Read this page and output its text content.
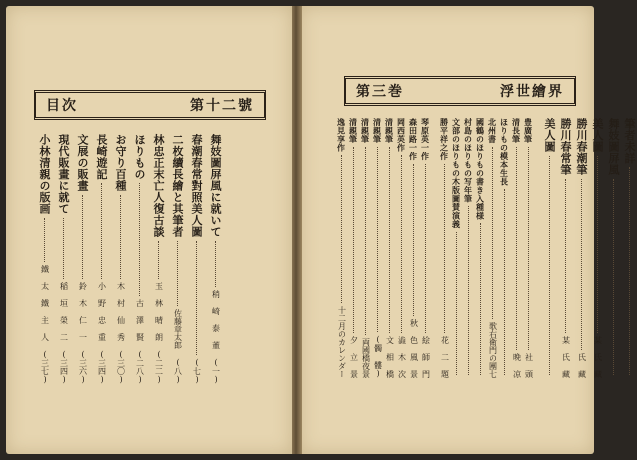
第三巻	浮世繪界
筆者未詳
舞妓圖屏風
美人圖
某 氏 藏
勝川春潮筆
氏 藏
勝川春常筆
某 氏 藏
美人圖
豊廣筆
社 頭
清長筆
晩 凉
ほりもの模本生長
北州書
歌右衛門の團七
國鶴のほりもの書き入種様
村島のほりもの写年筆
文部のほりもの木版圖賛演義
勝平祥之作
花 二 題
琴原英一作
絵 師 門
森田路一作
秋 色 風 景
岡西英作
澁 木 次
清親筆
文 相 橋
清親筆
(髑 髏)
清親筆
両國橋夜景
清親筆
夕 立 景
逸見享作
十二月のカレンダー
目次	第十二號
舞妓圖屏風に就いて
稍 崎 泰 董 (一)
春潮春常對照美人圖
(七)
二枚續長繪と其筆者
佐藤章太郎 (八)
林忠正末亡人復古談
玉 林 晴 朗 (二二)
ほりもの
古 澤 賢 (二八)
お守り百種
木 村 仙 秀 (三〇)
長崎遊記
小 野 忠 重 (三四)
文展の販畫
鈴 木 仁 一 (三六)
現代販畫に就て
稲 垣 榮 二 (三四)
小林清親の版画
鐵 太 鐵 主 人 (三七)
